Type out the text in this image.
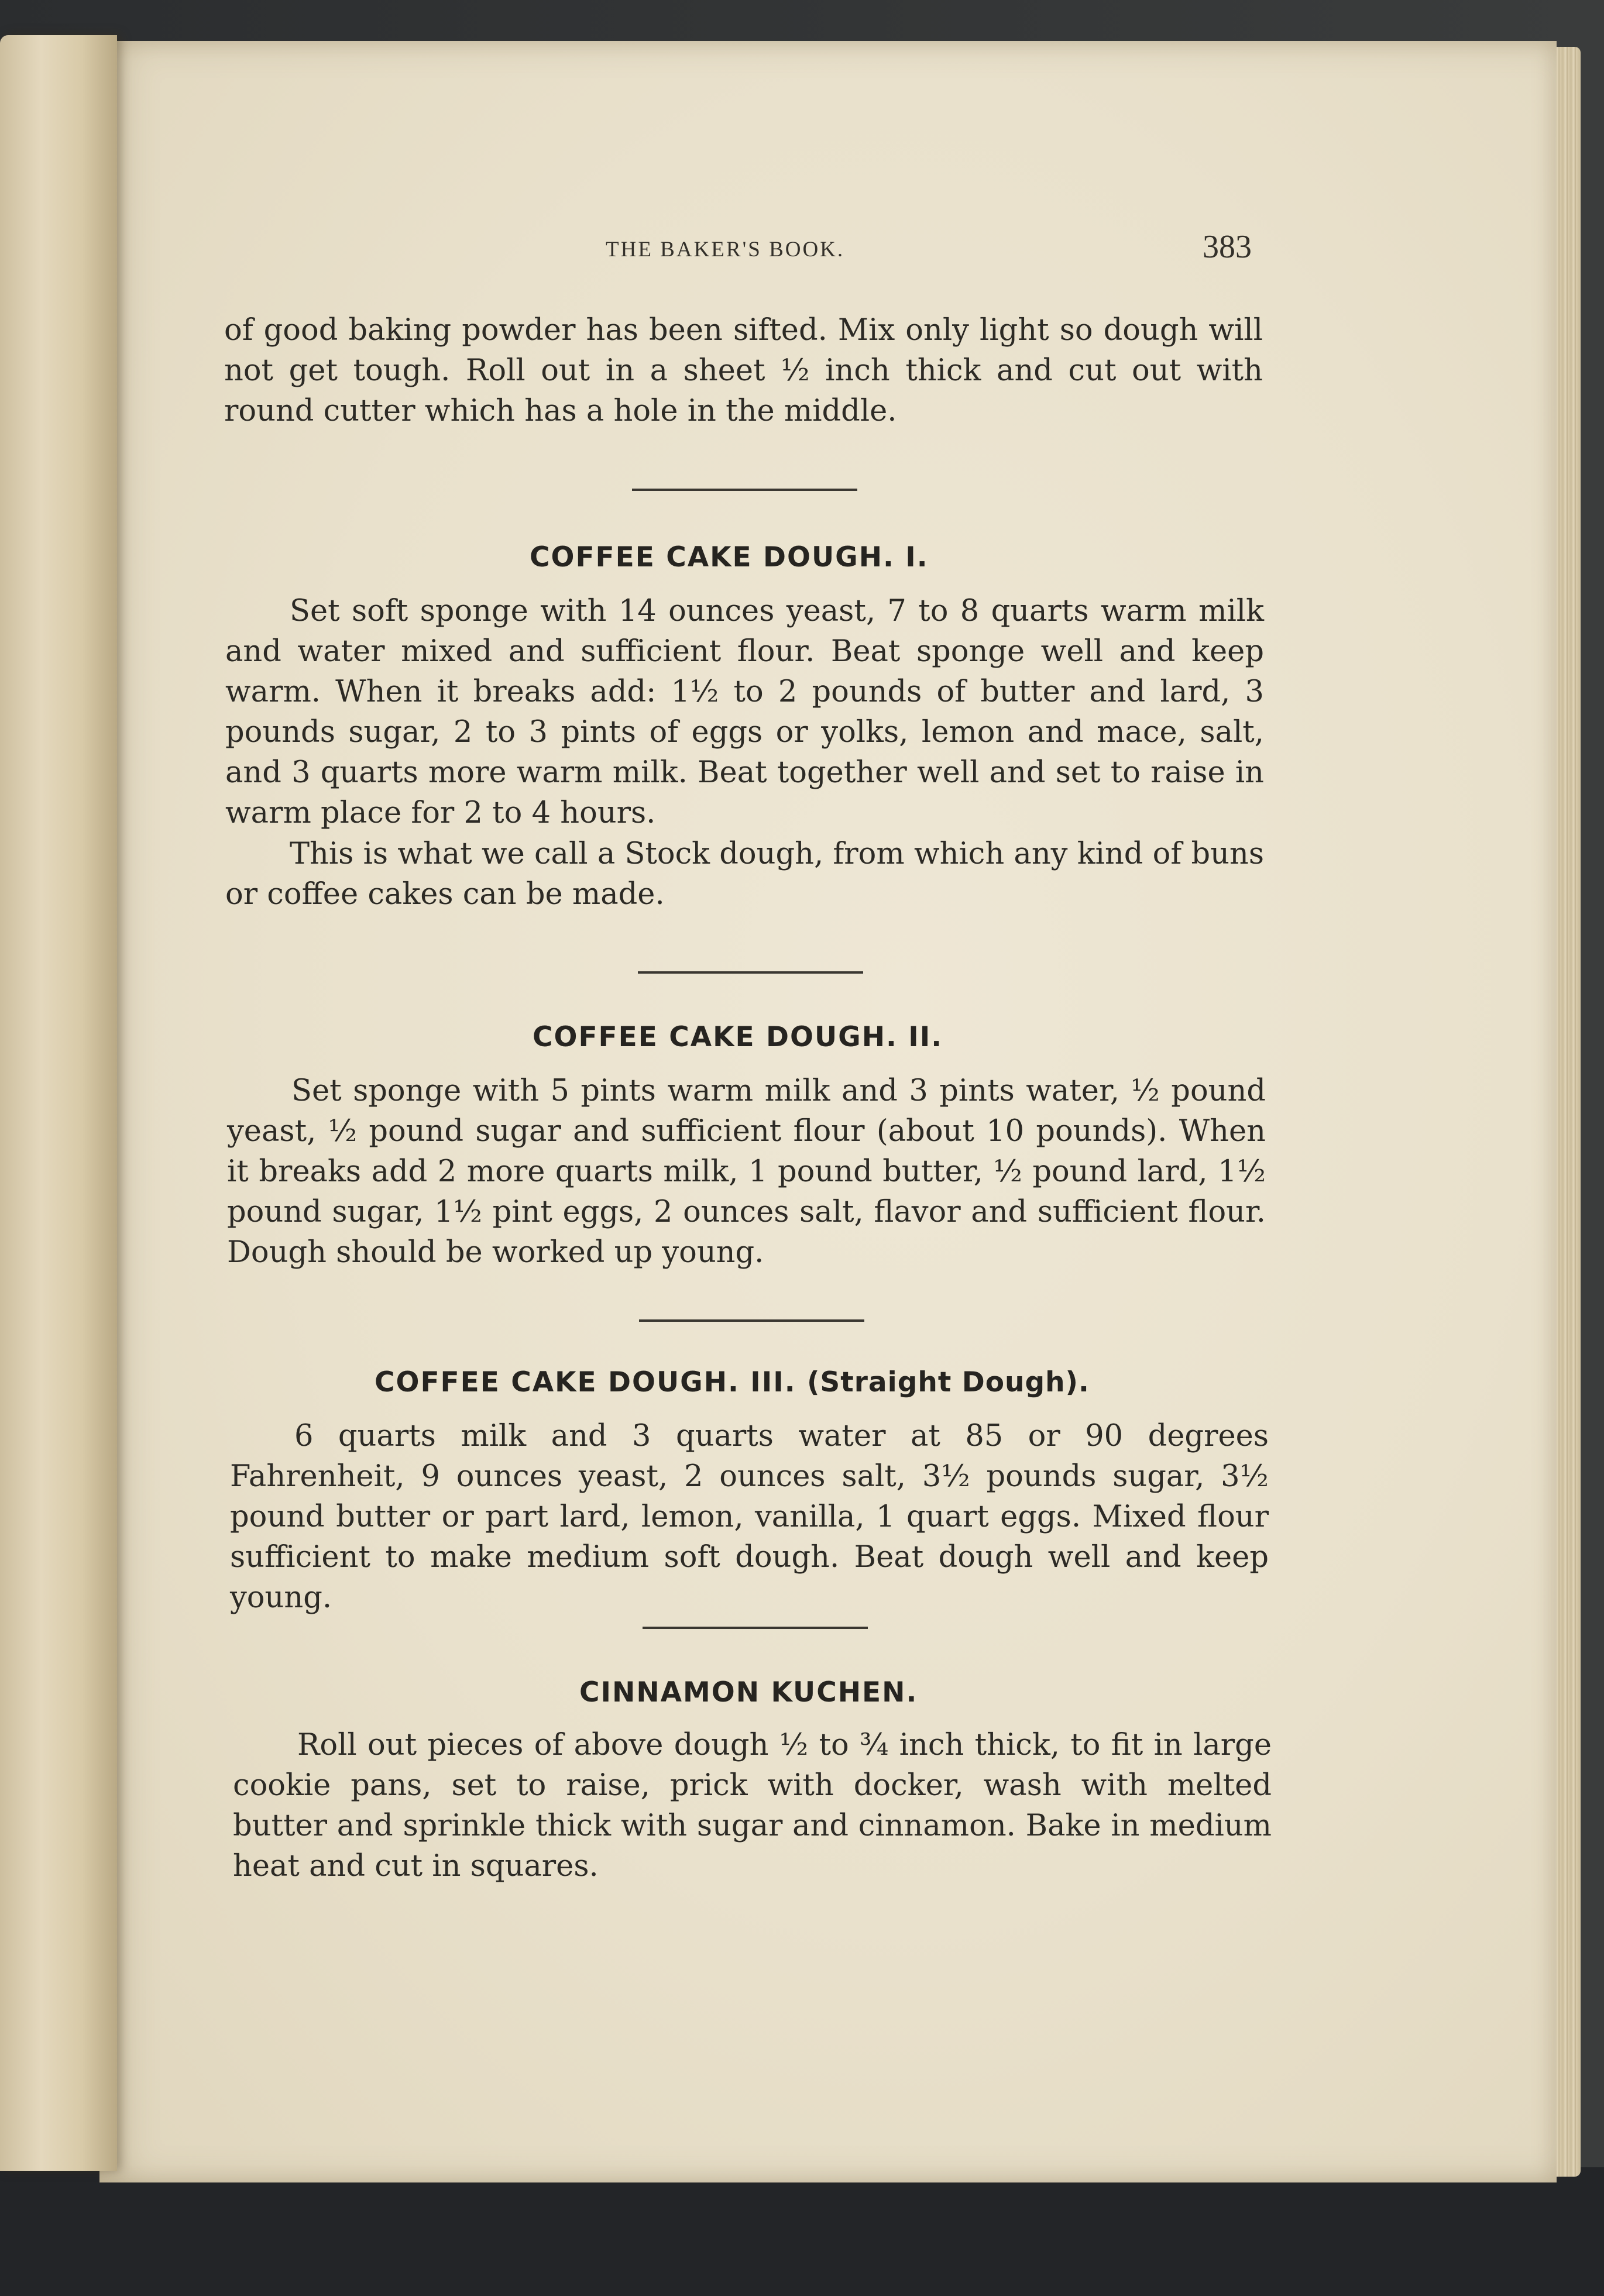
THE BAKER'S BOOK.	383
of good baking powder has been sifted. Mix only light so dough will not get tough. Roll out in a sheet ½ inch thick and cut out with round cutter which has a hole in the middle.
COFFEE CAKE DOUGH. I.
Set soft sponge with 14 ounces yeast, 7 to 8 quarts warm milk and water mixed and sufficient flour. Beat sponge well and keep warm. When it breaks add: 1½ to 2 pounds of butter and lard, 3 pounds sugar, 2 to 3 pints of eggs or yolks, lemon and mace, salt, and 3 quarts more warm milk. Beat together well and set to raise in warm place for 2 to 4 hours.
This is what we call a Stock dough, from which any kind of buns or coffee cakes can be made.
COFFEE CAKE DOUGH. II.
Set sponge with 5 pints warm milk and 3 pints water, ½ pound yeast, ½ pound sugar and sufficient flour (about 10 pounds). When it breaks add 2 more quarts milk, 1 pound butter, ½ pound lard, 1½ pound sugar, 1½ pint eggs, 2 ounces salt, flavor and sufficient flour. Dough should be worked up young.
COFFEE CAKE DOUGH. III. (Straight Dough).
6 quarts milk and 3 quarts water at 85 or 90 degrees Fahrenheit, 9 ounces yeast, 2 ounces salt, 3½ pounds sugar, 3½ pound butter or part lard, lemon, vanilla, 1 quart eggs. Mixed flour sufficient to make medium soft dough. Beat dough well and keep young.
CINNAMON KUCHEN.
Roll out pieces of above dough ½ to ¾ inch thick, to fit in large cookie pans, set to raise, prick with docker, wash with melted butter and sprinkle thick with sugar and cinnamon. Bake in medium heat and cut in squares.
